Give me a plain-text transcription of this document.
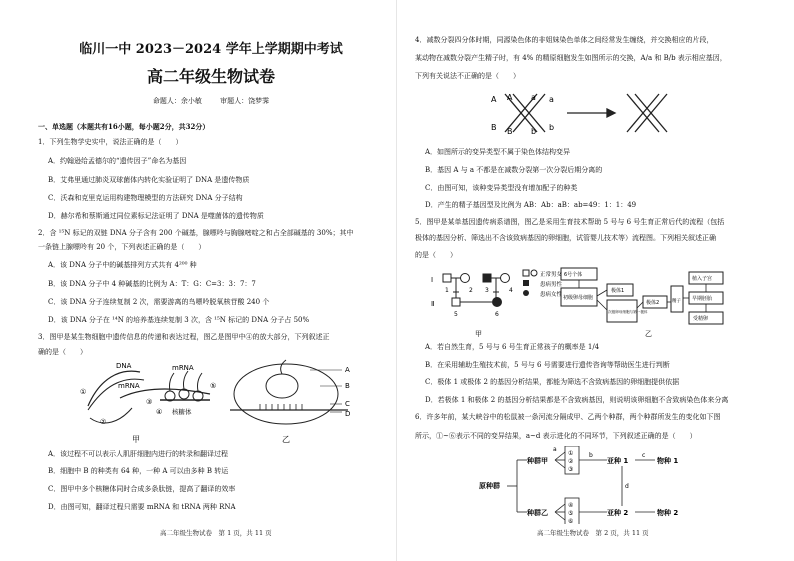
临川一中 2023－2024 学年上学期期中考试
高二年级生物试卷
命题人：余小敏	审题人：饶梦霁
一、单选题（本题共有16小题，每小题2分，共32分）
1．下列生物学史实中，说法正确的是（　　）
A．约翰逊给孟德尔的“遗传因子”命名为基因
B．艾弗里通过肺炎双球菌体内转化实验证明了 DNA 是遗传物质
C．沃森和克里克运用构建物理模型的方法研究 DNA 分子结构
D．赫尔希和蔡斯通过同位素标记法证明了 DNA 是噬菌体的遗传物质
2．含 ¹⁵N 标记的双链 DNA 分子含有 200 个碱基，腺嘌呤与胸腺嘧啶之和占全部碱基的 30%；其中
一条链上腺嘌呤有 20 个，下列表述正确的是（　　）
A．该 DNA 分子中的碱基排列方式共有 4²⁰⁰ 种
B．该 DNA 分子中 4 种碱基的比例为 A：T：G：C=3：3：7：7
C．该 DNA 分子连续复制 2 次，需要游离的鸟嘌呤脱氧核苷酸 240 个
D．该 DNA 分子在 ¹⁴N 的培养基连续复制 3 次，含 ¹⁵N 标记的 DNA 分子占 50%
3．图甲是某生物细胞中遗传信息的传递和表达过程，图乙是图甲中④的放大部分，下列叙述正
确的是（　　）
DNA
mRNA
mRNA
核糖体
①
②
③
④
⑤
甲
A
B
C
D
乙
A．该过程不可以表示人肌肝细胞内进行的转录和翻译过程
B．细胞中 B 的种类有 64 种，一种 A 可以由多种 B 转运
C．图甲中多个核糖体同时合成多条肽链，提高了翻译的效率
D．由图可知，翻译过程只需要 mRNA 和 tRNA 两种 RNA
高二年级生物试卷　第 1 页，共 11 页
4．减数分裂四分体时期，同源染色体的非姐妹染色单体之间经常发生缠绕，并交换相应的片段，
某动物在减数分裂产生精子时，有 4% 的精原细胞发生如图所示的交换，A/a 和 B/b 表示相应基因，
下列有关说法不正确的是（　　）
A A a a
B B b b
A．如图所示的变异类型不属于染色体结构变异
B．基因 A 与 a 不都是在减数分裂第一次分裂后期分离的
C．由图可知，该种变异类型没有增加配子的种类
D．产生的精子基因型及比例为 AB：Ab：aB：ab=49：1：1：49
5．图甲是某单基因遗传病系谱图，图乙是采用生育技术帮助 5 号与 6 号生育正常后代的流程（包括
极体的基因分析、筛选出不含该致病基因的卵细胞，试管婴儿技术等）流程图。下列相关叙述正确
的是（　　）
Ⅰ
Ⅱ
1	2 3	4
5	6
正常男女
患病男性
患病女性
甲
6号个体
初级卵母细胞
极体1
次级卵母细胞与第一极体
极体2	精子
植入子宫
早期胚胎
受精卵
乙
A．若自然生育，5 号与 6 号生育正常孩子的概率是 1/4
B．在采用辅助生殖技术前，5 号与 6 号需要进行遗传咨询等帮助医生进行判断
C．极体 1 或极体 2 的基因分析结果，都能为筛选不含致病基因的卵细胞提供依据
D．若极体 1 和极体 2 的基因分析结果都是不含致病基因，则说明该卵细胞不含致病染色体来分离
6．许多年前，某大峡谷中的松鼠被一条河流分隔成甲、乙两个种群，两个种群所发生的变化如下图
所示，①~⑥表示不同的变异结果，a~d 表示进化的不同环节，下列叙述正确的是（　　）
原种群
种群甲
种群乙
①
②
③
④
⑤
⑥
a
b	c
d
亚种 1
亚种 2
物种 1
物种 2
高二年级生物试卷　第 2 页，共 11 页
